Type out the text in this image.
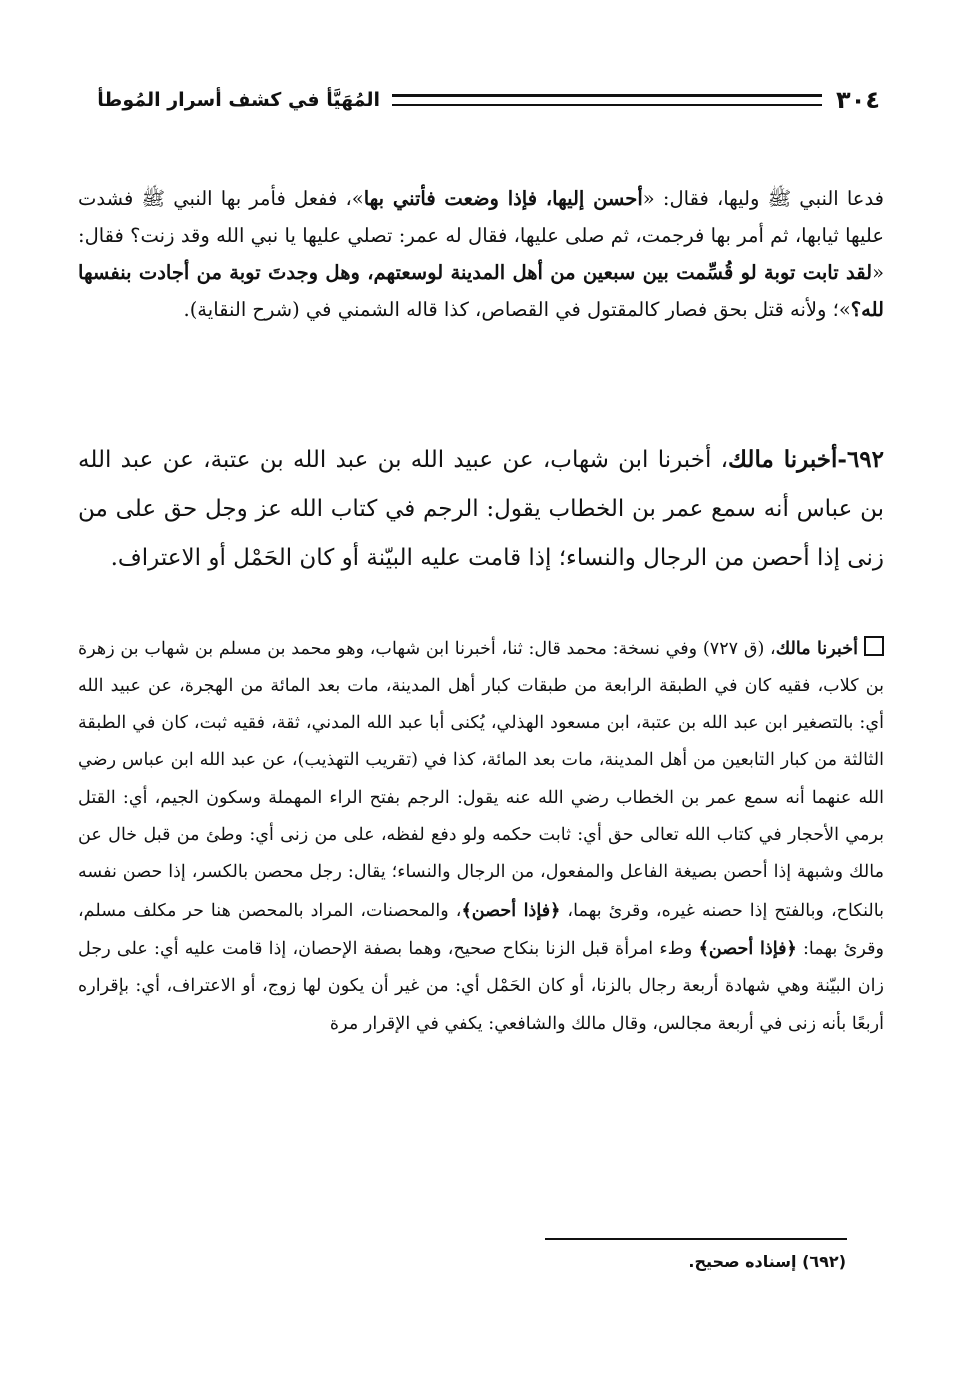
٣٠٤
المُهَيَّأ في كشف أسرار المُوطأ

فدعا النبي ﷺ وليها، فقال: «أحسن إليها، فإذا وضعت فأتني بها»، ففعل فأمر بها النبي ﷺ فشدت عليها ثيابها، ثم أمر بها فرجمت، ثم صلى عليها، فقال له عمر: تصلي عليها يا نبي الله وقد زنت؟ فقال: «لقد تابت توبة لو قُسِّمت بين سبعين من أهل المدينة لوسعتهم، وهل وجدتَ توبة من أجادت بنفسها لله؟»؛ ولأنه قتل بحق فصار كالمقتول في القصاص، كذا قاله الشمني في (شرح النقاية).

٦٩٢-أخبرنا مالك، أخبرنا ابن شهاب، عن عبيد الله بن عبد الله بن عتبة، عن عبد الله بن عباس أنه سمع عمر بن الخطاب يقول: الرجم في كتاب الله عز وجل حق على من زنى إذا أحصن من الرجال والنساء؛ إذا قامت عليه البيّنة أو كان الحَمْل أو الاعتراف.

أخبرنا مالك، (ق ٧٢٧) وفي نسخة: محمد قال: ثنا، أخبرنا ابن شهاب، وهو محمد بن مسلم بن شهاب بن زهرة بن كلاب، فقيه كان في الطبقة الرابعة من طبقات كبار أهل المدينة، مات بعد المائة من الهجرة، عن عبيد الله أي: بالتصغير ابن عبد الله بن عتبة، ابن مسعود الهذلي، يُكنى أبا عبد الله المدني، ثقة، فقيه ثبت، كان في الطبقة الثالثة من كبار التابعين من أهل المدينة، مات بعد المائة، كذا في (تقريب التهذيب)، عن عبد الله ابن عباس رضي الله عنهما أنه سمع عمر بن الخطاب رضي الله عنه يقول: الرجم بفتح الراء المهملة وسكون الجيم، أي: القتل برمي الأحجار في كتاب الله تعالى حق أي: ثابت حكمه ولو دفع لفظه، على من زنى أي: وطئ من قبل خال عن مالك وشبهة إذا أحصن بصيغة الفاعل والمفعول، من الرجال والنساء؛ يقال: رجل محصن بالكسر، إذا حصن نفسه بالنكاح، وبالفتح إذا حصنه غيره، وقرئ بهما، ﴿فإذا أحصن﴾، والمحصنات، المراد بالمحصن هنا حر مكلف مسلم، وقرئ بهما: ﴿فإذا أحصن﴾ وطء امرأة قبل الزنا بنكاح صحيح، وهما بصفة الإحصان، إذا قامت عليه أي: على رجل زان البيّنة وهي شهادة أربعة رجال بالزنا، أو كان الحَمْل أي: من غير أن يكون لها زوج، أو الاعتراف، أي: بإقراره أربعًا بأنه زنى في أربعة مجالس، وقال مالك والشافعي: يكفي في الإقرار مرة

(٦٩٢) إسناده صحيح.
